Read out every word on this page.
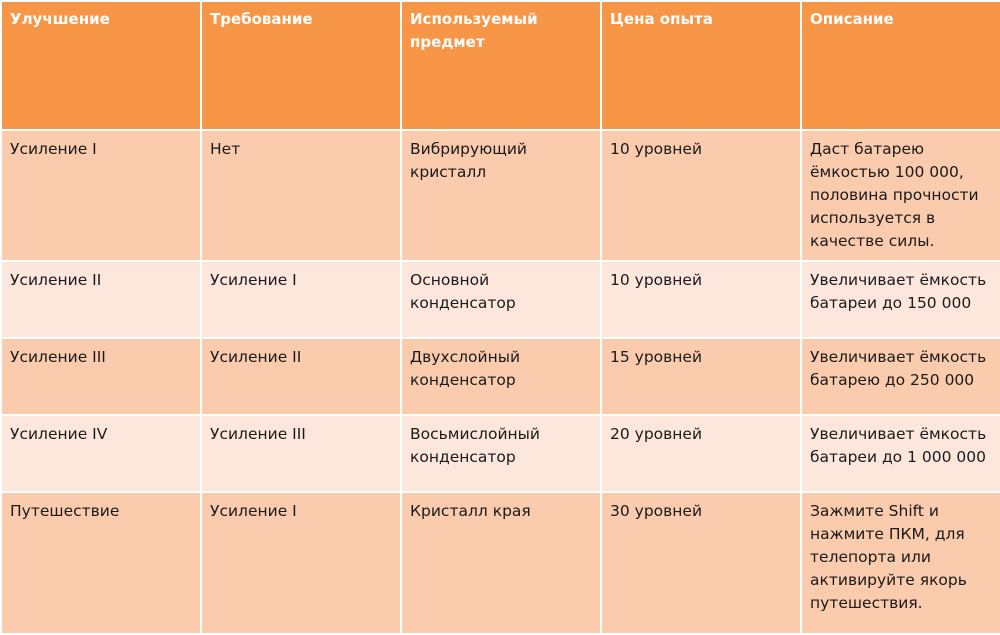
Улучшение	Требование	Используемый предмет	Цена опыта	Описание
Усиление I	Нет	Вибрирующий кристалл	10 уровней	Даст батарею ёмкостью 100 000, половина прочности используется в качестве силы.
Усиление II	Усиление I	Основной конденсатор	10 уровней	Увеличивает ёмкость батареи до 150 000
Усиление III	Усиление II	Двухслойный конденсатор	15 уровней	Увеличивает ёмкость батарею до 250 000
Усиление IV	Усиление III	Восьмислойный конденсатор	20 уровней	Увеличивает ёмкость батареи до 1 000 000
Путешествие	Усиление I	Кристалл края	30 уровней	Зажмите Shift и нажмите ПКМ, для телепорта или активируйте якорь путешествия.
